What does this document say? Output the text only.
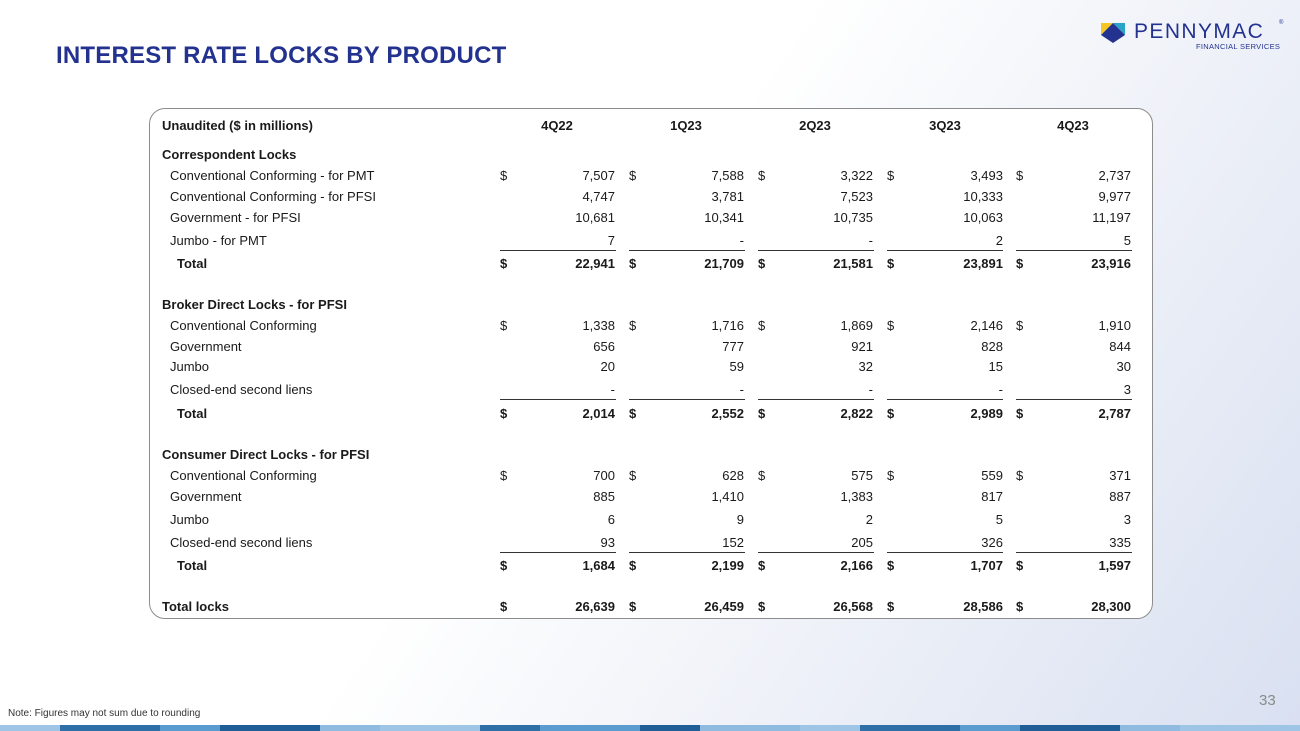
INTEREST RATE LOCKS BY PRODUCT
PENNYMAC ®
FINANCIAL SERVICES
Unaudited ($ in millions)	4Q22	1Q23	2Q23	3Q23	4Q23
Correspondent Locks
Conventional Conforming - for PMT	$	7,507 $	7,588 $	3,322 $	3,493 $	2,737
Conventional Conforming - for PFSI	4,747	3,781	7,523	10,333	9,977
Government - for PFSI	10,681	10,341	10,735	10,063	11,197
Jumbo - for PMT	7	-	-	2	5
Total	$	22,941 $	21,709 $	21,581 $	23,891 $	23,916
Broker Direct Locks - for PFSI
Conventional Conforming	$	1,338 $	1,716 $	1,869 $	2,146 $	1,910
Government	656	777	921	828	844
Jumbo	20	59	32	15	30
Closed-end second liens	-	-	-	-	3
Total	$	2,014 $	2,552 $	2,822 $	2,989 $	2,787
Consumer Direct Locks - for PFSI
Conventional Conforming	$	700 $	628 $	575 $	559 $	371
Government	885	1,410	1,383	817	887
Jumbo	6	9	2	5	3
Closed-end second liens	93	152	205	326	335
Total	$	1,684 $	2,199 $	2,166 $	1,707 $	1,597
Total locks	$	26,639 $	26,459 $	26,568 $	28,586 $	28,300
Note: Figures may not sum due to rounding
33
